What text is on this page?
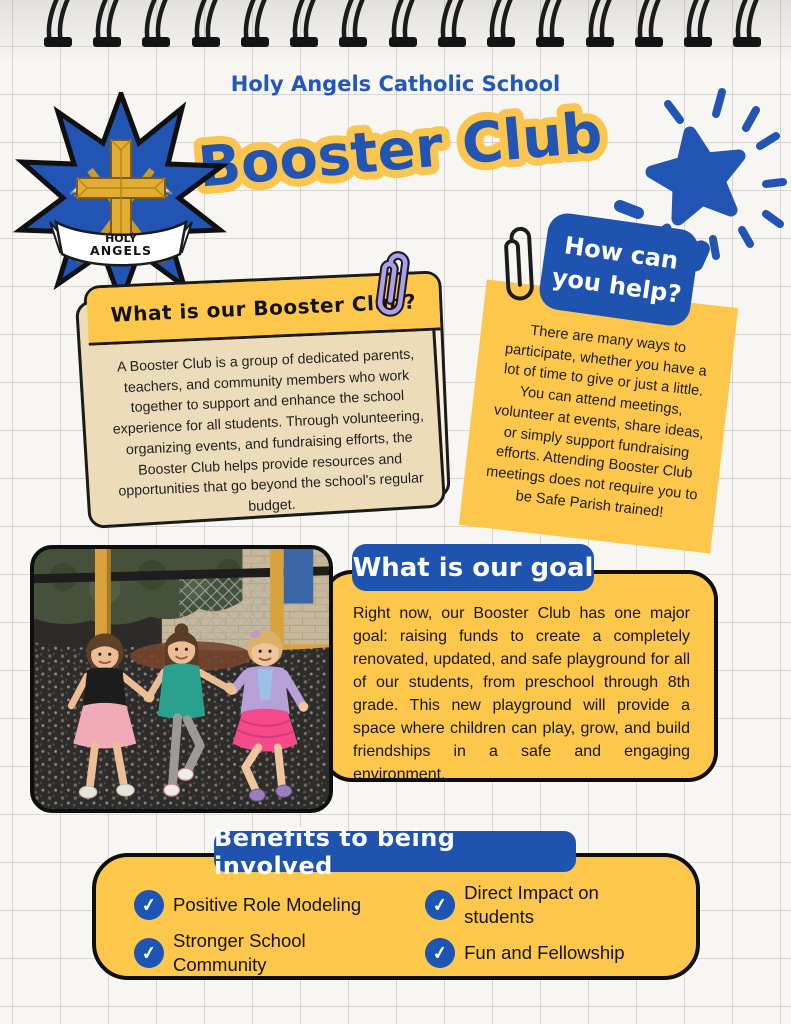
Holy Angels Catholic School
Booster Club
HOLY
ANGELS
What is our Booster Club?
A Booster Club is a group of dedicated parents, teachers, and community members who work together to support and enhance the school experience for all students. Through volunteering, organizing events, and fundraising efforts, the Booster Club helps provide resources and opportunities that go beyond the school's regular budget.
There are many ways to participate, whether you have a lot of time to give or just a little. You can attend meetings, volunteer at events, share ideas, or simply support fundraising efforts. Attending Booster Club meetings does not require you to be Safe Parish trained!
How can
you help?

Right now, our Booster Club has one major goal: raising funds to create a completely renovated, updated, and safe playground for all of our students, from preschool through 8th grade. This new playground will provide a space where children can play, grow, and build friendships in a safe and engaging environment.

What is our goal
✓ Positive Role Modeling	✓
Direct Impact on students
✓
Stronger School Community
✓ Fun and Fellowship
Benefits to being involved
